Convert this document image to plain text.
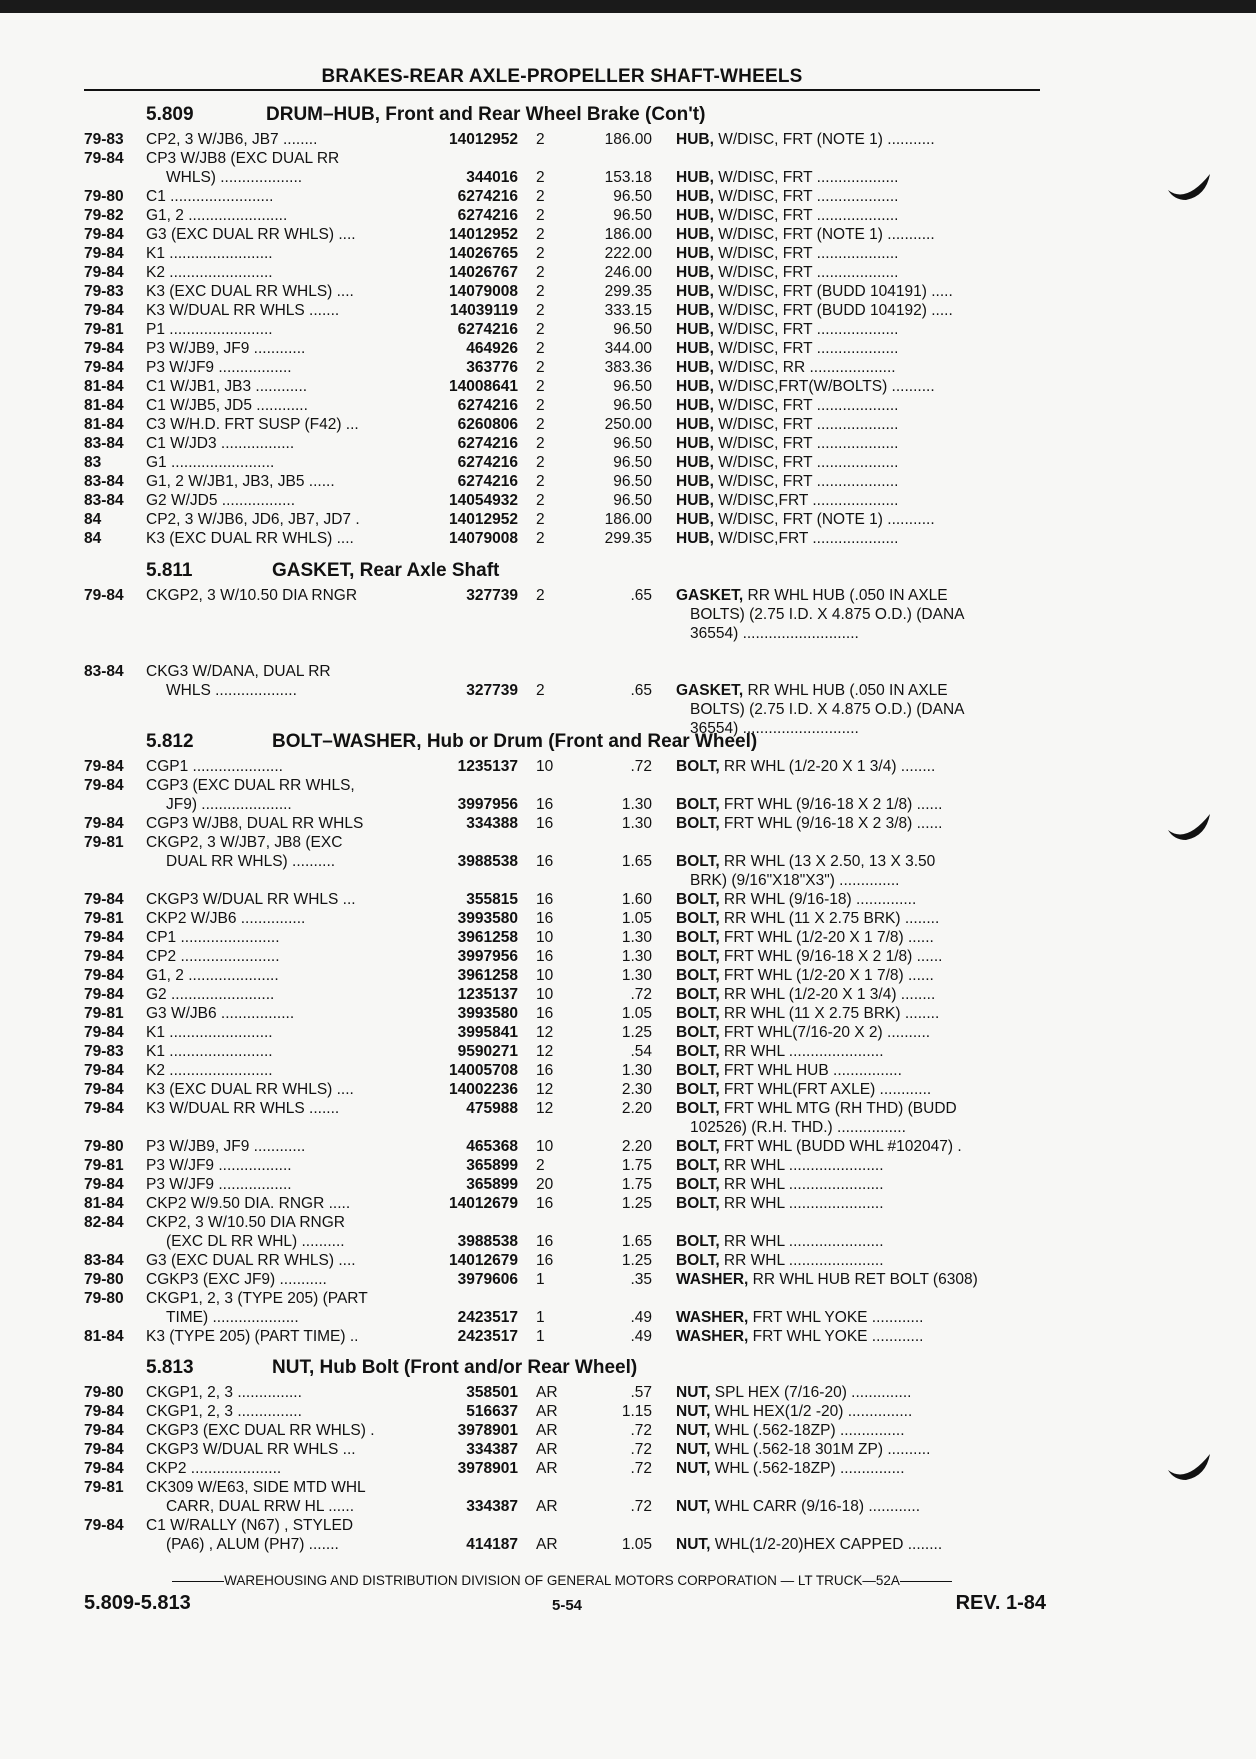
BRAKES-REAR AXLE-PROPELLER SHAFT-WHEELS
5.809	DRUM–HUB, Front and Rear Wheel Brake (Con't)
79-83 CP2, 3 W/JB6, JB7 ........	14012952 2	186.00 HUB, W/DISC, FRT (NOTE 1) ...........
79-84 CP3 W/JB8 (EXC DUAL RR
WHLS) ...................	344016 2	153.18 HUB, W/DISC, FRT ...................
79-80 C1 ........................	6274216 2	96.50 HUB, W/DISC, FRT ...................
79-82 G1, 2 .......................	6274216 2	96.50 HUB, W/DISC, FRT ...................
79-84 G3 (EXC DUAL RR WHLS) ....	14012952 2	186.00 HUB, W/DISC, FRT (NOTE 1) ...........
79-84 K1 ........................	14026765 2	222.00 HUB, W/DISC, FRT ...................
79-84 K2 ........................	14026767 2	246.00 HUB, W/DISC, FRT ...................
79-83 K3 (EXC DUAL RR WHLS) ....	14079008 2	299.35 HUB, W/DISC, FRT (BUDD 104191) .....
79-84 K3 W/DUAL RR WHLS .......	14039119 2	333.15 HUB, W/DISC, FRT (BUDD 104192) .....
79-81 P1 ........................	6274216 2	96.50 HUB, W/DISC, FRT ...................
79-84 P3 W/JB9, JF9 ............	464926 2	344.00 HUB, W/DISC, FRT ...................
79-84 P3 W/JF9 .................	363776 2	383.36 HUB, W/DISC, RR ....................
81-84 C1 W/JB1, JB3 ............	14008641 2	96.50 HUB, W/DISC,FRT(W/BOLTS) ..........
81-84 C1 W/JB5, JD5 ............	6274216 2	96.50 HUB, W/DISC, FRT ...................
81-84 C3 W/H.D. FRT SUSP (F42) ...	6260806 2	250.00 HUB, W/DISC, FRT ...................
83-84 C1 W/JD3 .................	6274216 2	96.50 HUB, W/DISC, FRT ...................
83	G1 ........................	6274216 2	96.50 HUB, W/DISC, FRT ...................
83-84 G1, 2 W/JB1, JB3, JB5 ......	6274216 2	96.50 HUB, W/DISC, FRT ...................
83-84 G2 W/JD5 .................	14054932 2	96.50 HUB, W/DISC,FRT ....................
84	CP2, 3 W/JB6, JD6, JB7, JD7 .	14012952 2	186.00 HUB, W/DISC, FRT (NOTE 1) ...........
84	K3 (EXC DUAL RR WHLS) ....	14079008 2	299.35 HUB, W/DISC,FRT ....................
5.811	GASKET, Rear Axle Shaft
79-84 CKGP2, 3 W/10.50 DIA RNGR	327739 2	.65 GASKET, RR WHL HUB (.050 IN AXLE
BOLTS) (2.75 I.D. X 4.875 O.D.) (DANA
36554) ...........................
83-84 CKG3 W/DANA, DUAL RR
WHLS ...................	327739 2	.65 GASKET, RR WHL HUB (.050 IN AXLE
BOLTS) (2.75 I.D. X 4.875 O.D.) (DANA
36554) ...........................
5.812	BOLT–WASHER, Hub or Drum (Front and Rear Wheel)
79-84 CGP1 .....................	1235137 10	.72 BOLT, RR WHL (1/2-20 X 1 3/4) ........
79-84 CGP3 (EXC DUAL RR WHLS,
JF9) .....................	3997956 16	1.30 BOLT, FRT WHL (9/16-18 X 2 1/8) ......
79-84 CGP3 W/JB8, DUAL RR WHLS	334388 16	1.30 BOLT, FRT WHL (9/16-18 X 2 3/8) ......
79-81 CKGP2, 3 W/JB7, JB8 (EXC
DUAL RR WHLS) ..........	3988538 16	1.65 BOLT, RR WHL (13 X 2.50, 13 X 3.50
BRK) (9/16"X18"X3") ..............
79-84 CKGP3 W/DUAL RR WHLS ...	355815 16	1.60 BOLT, RR WHL (9/16-18) ..............
79-81 CKP2 W/JB6 ...............	3993580 16	1.05 BOLT, RR WHL (11 X 2.75 BRK) ........
79-84 CP1 .......................	3961258 10	1.30 BOLT, FRT WHL (1/2-20 X 1 7/8) ......
79-84 CP2 .......................	3997956 16	1.30 BOLT, FRT WHL (9/16-18 X 2 1/8) ......
79-84 G1, 2 .....................	3961258 10	1.30 BOLT, FRT WHL (1/2-20 X 1 7/8) ......
79-84 G2 ........................	1235137 10	.72 BOLT, RR WHL (1/2-20 X 1 3/4) ........
79-81 G3 W/JB6 .................	3993580 16	1.05 BOLT, RR WHL (11 X 2.75 BRK) ........
79-84 K1 ........................	3995841 12	1.25 BOLT, FRT WHL(7/16-20 X 2) ..........
79-83 K1 ........................	9590271 12	.54 BOLT, RR WHL ......................
79-84 K2 ........................	14005708 16	1.30 BOLT, FRT WHL HUB ................
79-84 K3 (EXC DUAL RR WHLS) ....	14002236 12	2.30 BOLT, FRT WHL(FRT AXLE) ............
79-84 K3 W/DUAL RR WHLS .......	475988 12	2.20 BOLT, FRT WHL MTG (RH THD) (BUDD
102526) (R.H. THD.) ................
79-80 P3 W/JB9, JF9 ............	465368 10	2.20 BOLT, FRT WHL (BUDD WHL #102047) .
79-81 P3 W/JF9 .................	365899 2	1.75 BOLT, RR WHL ......................
79-84 P3 W/JF9 .................	365899 20	1.75 BOLT, RR WHL ......................
81-84 CKP2 W/9.50 DIA. RNGR .....	14012679 16	1.25 BOLT, RR WHL ......................
82-84 CKP2, 3 W/10.50 DIA RNGR
(EXC DL RR WHL) ..........	3988538 16	1.65 BOLT, RR WHL ......................
83-84 G3 (EXC DUAL RR WHLS) ....	14012679 16	1.25 BOLT, RR WHL ......................
79-80 CGKP3 (EXC JF9) ...........	3979606 1	.35 WASHER, RR WHL HUB RET BOLT (6308)
79-80 CKGP1, 2, 3 (TYPE 205) (PART
TIME) ....................	2423517 1	.49 WASHER, FRT WHL YOKE ............
81-84 K3 (TYPE 205) (PART TIME) ..	2423517 1	.49 WASHER, FRT WHL YOKE ............
5.813	NUT, Hub Bolt (Front and/or Rear Wheel)
79-80 CKGP1, 2, 3 ...............	358501 AR	.57 NUT, SPL HEX (7/16-20) ..............
79-84 CKGP1, 2, 3 ...............	516637 AR	1.15 NUT, WHL HEX(1/2 -20) ...............
79-84 CKGP3 (EXC DUAL RR WHLS) .	3978901 AR	.72 NUT, WHL (.562-18ZP) ...............
79-84 CKGP3 W/DUAL RR WHLS ...	334387 AR	.72 NUT, WHL (.562-18 301M ZP) ..........
79-84 CKP2 .....................	3978901 AR	.72 NUT, WHL (.562-18ZP) ...............
79-81 CK309 W/E63, SIDE MTD WHL
CARR, DUAL RRW HL ......	334387 AR	.72 NUT, WHL CARR (9/16-18) ............
79-84 C1 W/RALLY (N67) , STYLED
(PA6) , ALUM (PH7) .......	414187 AR	1.05 NUT, WHL(1/2-20)HEX CAPPED ........
WAREHOUSING AND DISTRIBUTION DIVISION OF GENERAL MOTORS CORPORATION — LT TRUCK—52A
5.809-5.813	5-54	REV. 1-84
